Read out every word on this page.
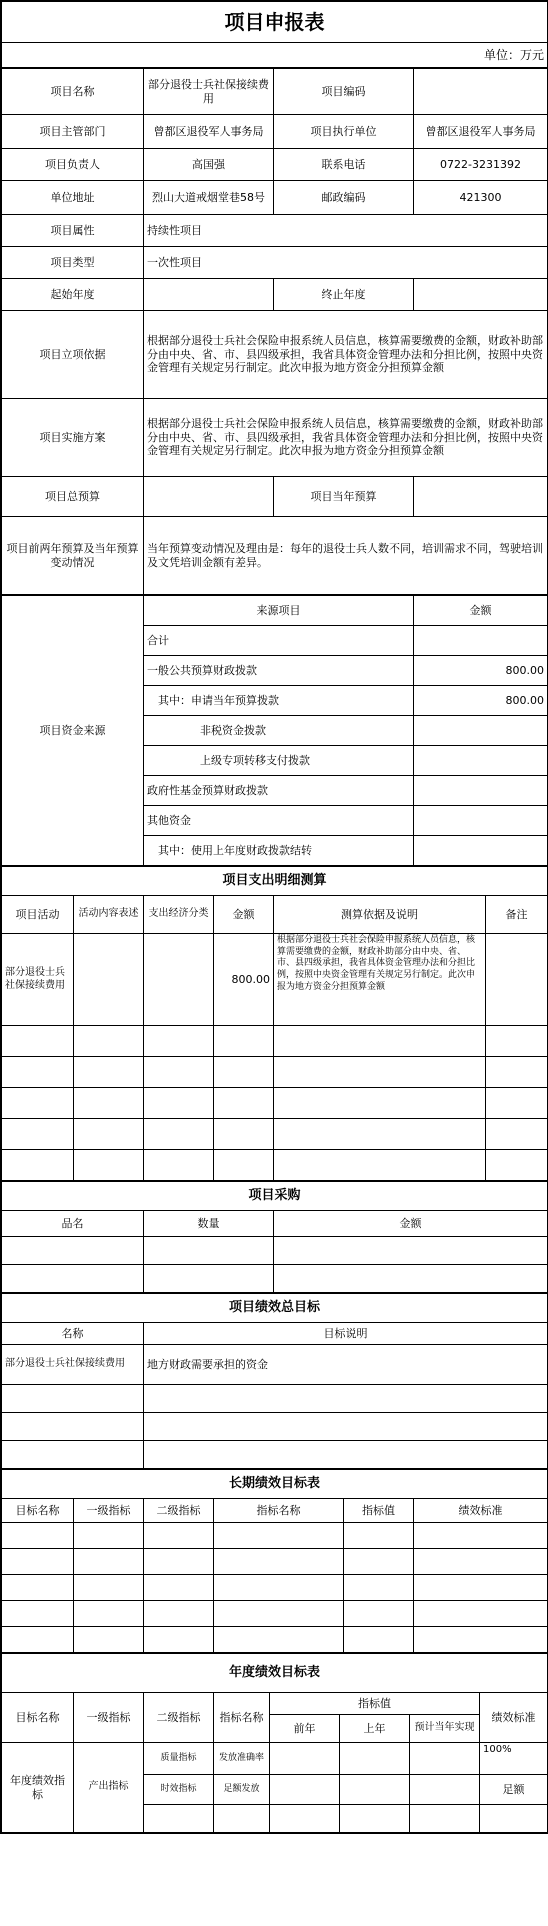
项目申报表
单位：万元
项目名称	部分退役士兵社保接续费用	项目编码	
项目主管部门	曾都区退役军人事务局	项目执行单位	曾都区退役军人事务局
项目负责人	高国强	联系电话	0722-3231392
单位地址	烈山大道戒烟堂巷58号	邮政编码	421300
项目属性	持续性项目		
项目类型	一次性项目		
起始年度		终止年度	
项目立项依据	根据部分退役士兵社会保险申报系统人员信息，核算需要缴费的金额，财政补助部分由中央、省、市、县四级承担，我省具体资金管理办法和分担比例，按照中央资金管理有关规定另行制定。此次申报为地方资金分担预算金额		
项目实施方案	根据部分退役士兵社会保险申报系统人员信息，核算需要缴费的金额，财政补助部分由中央、省、市、县四级承担，我省具体资金管理办法和分担比例，按照中央资金管理有关规定另行制定。此次申报为地方资金分担预算金额		
项目总预算		项目当年预算	
项目前两年预算及当年预算变动情况	当年预算变动情况及理由是：每年的退役士兵人数不同，培训需求不同，驾驶培训及文凭培训金额有差异。		
项目资金来源	来源项目	金额
	合计	
	一般公共预算财政拨款	800.00
	其中：申请当年预算拨款	800.00
	非税资金拨款	
	上级专项转移支付拨款	
	政府性基金预算财政拨款	
	其他资金	
	其中：使用上年度财政拨款结转	
项目支出明细测算					
项目活动	活动内容表述	支出经济分类	金额	测算依据及说明	备注
部分退役士兵社保接续费用			800.00	根据部分退役士兵社会保险申报系统人员信息，核算需要缴费的金额，财政补助部分由中央、省、市、县四级承担，我省具体资金管理办法和分担比例，按照中央资金管理有关规定另行制定。此次申报为地方资金分担预算金额	

项目采购		
品名	数量	金额

项目绩效总目标	
名称	目标说明
部分退役士兵社保接续费用	地方财政需要承担的资金

长期绩效目标表					
目标名称	一级指标	二级指标	指标名称	指标值	绩效标准

年度绩效目标表							
目标名称	一级指标	二级指标	指标名称	指标值			绩效标准
				前年	上年	预计当年实现	
年度绩效指　标	产出指标	质量指标	发放准确率				100%
		时效指标	足额发放				足额
